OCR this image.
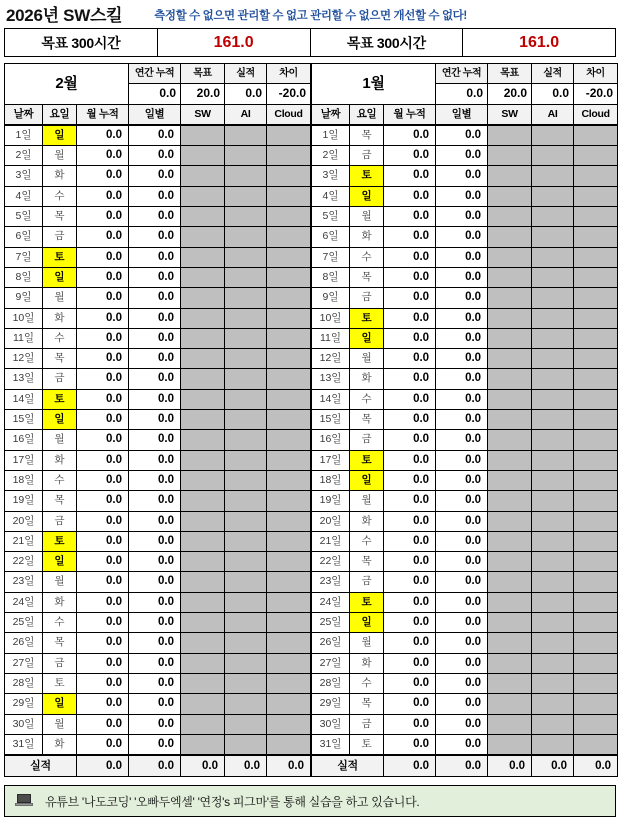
2026년 SW스킬	측정할 수 없으면 관리할 수 없고 관리할 수 없으면 개선할 수 없다!
목표 300시간	161.0	목표 300시간	161.0
2월			연간 누적	목표	실적	차이
			0.0	20.0	0.0	-20.0
날짜	요일	월 누적	일별	SW	AI	Cloud
1일	일	0.0	0.0			
2일	월	0.0	0.0			
3일	화	0.0	0.0			
4일	수	0.0	0.0			
5일	목	0.0	0.0			
6일	금	0.0	0.0			
7일	토	0.0	0.0			
8일	일	0.0	0.0			
9일	월	0.0	0.0			
10일	화	0.0	0.0			
11일	수	0.0	0.0			
12일	목	0.0	0.0			
13일	금	0.0	0.0			
14일	토	0.0	0.0			
15일	일	0.0	0.0			
16일	월	0.0	0.0			
17일	화	0.0	0.0			
18일	수	0.0	0.0			
19일	목	0.0	0.0			
20일	금	0.0	0.0			
21일	토	0.0	0.0			
22일	일	0.0	0.0			
23일	월	0.0	0.0			
24일	화	0.0	0.0			
25일	수	0.0	0.0			
26일	목	0.0	0.0			
27일	금	0.0	0.0			
28일	토	0.0	0.0			
29일	일	0.0	0.0			
30일	월	0.0	0.0			
31일	화	0.0	0.0			
실적		0.0	0.0	0.0	0.0	0.0
1월			연간 누적	목표	실적	차이
			0.0	20.0	0.0	-20.0
날짜	요일	월 누적	일별	SW	AI	Cloud
1일	목	0.0	0.0			
2일	금	0.0	0.0			
3일	토	0.0	0.0			
4일	일	0.0	0.0			
5일	월	0.0	0.0			
6일	화	0.0	0.0			
7일	수	0.0	0.0			
8일	목	0.0	0.0			
9일	금	0.0	0.0			
10일	토	0.0	0.0			
11일	일	0.0	0.0			
12일	월	0.0	0.0			
13일	화	0.0	0.0			
14일	수	0.0	0.0			
15일	목	0.0	0.0			
16일	금	0.0	0.0			
17일	토	0.0	0.0			
18일	일	0.0	0.0			
19일	월	0.0	0.0			
20일	화	0.0	0.0			
21일	수	0.0	0.0			
22일	목	0.0	0.0			
23일	금	0.0	0.0			
24일	토	0.0	0.0			
25일	일	0.0	0.0			
26일	월	0.0	0.0			
27일	화	0.0	0.0			
28일	수	0.0	0.0			
29일	목	0.0	0.0			
30일	금	0.0	0.0			
31일	토	0.0	0.0			
실적		0.0	0.0	0.0	0.0	0.0
유튜브 '나도코딩' '오빠두엑셀' '연정's 피그마'를 통해 실습을 하고 있습니다.
